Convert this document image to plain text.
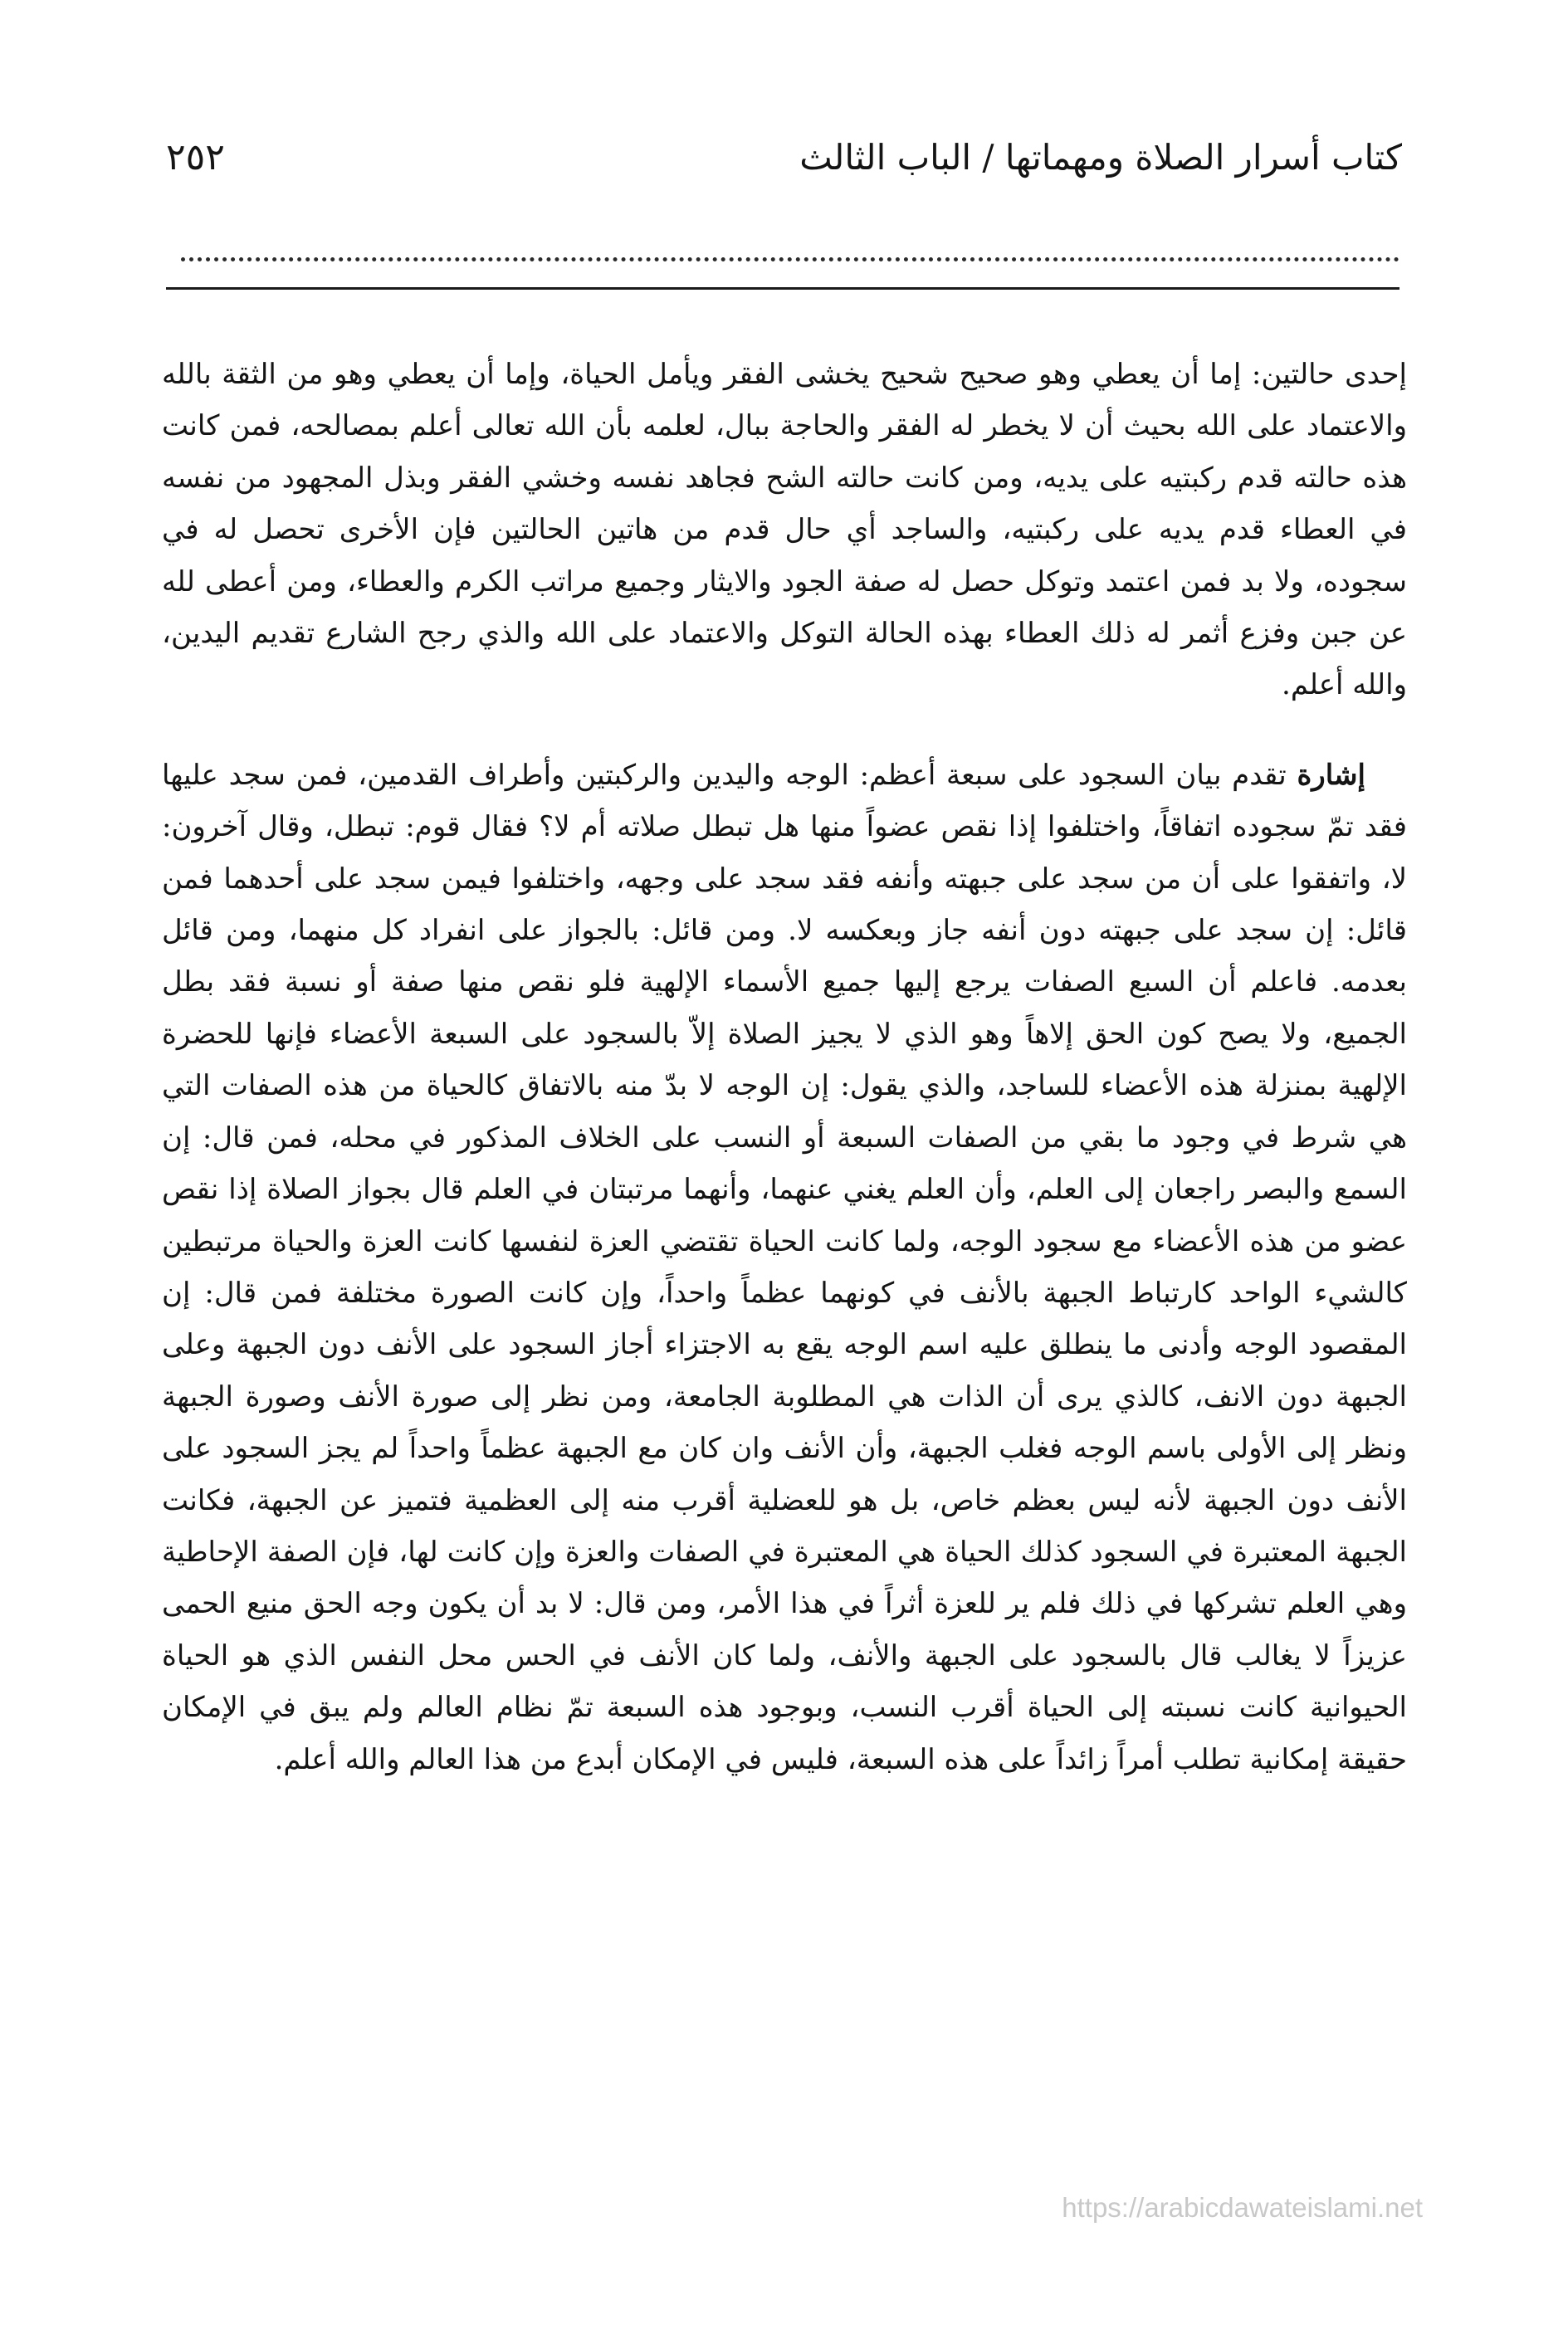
كتاب أسرار الصلاة ومهماتها / الباب الثالث
٢٥٢

إحدى حالتين: إما أن يعطي وهو صحيح شحيح يخشى الفقر ويأمل الحياة، وإما أن يعطي وهو من الثقة بالله والاعتماد على الله بحيث أن لا يخطر له الفقر والحاجة ببال، لعلمه بأن الله تعالى أعلم بمصالحه، فمن كانت هذه حالته قدم ركبتيه على يديه، ومن كانت حالته الشح فجاهد نفسه وخشي الفقر وبذل المجهود من نفسه في العطاء قدم يديه على ركبتيه، والساجد أي حال قدم من هاتين الحالتين فإن الأخرى تحصل له في سجوده، ولا بد فمن اعتمد وتوكل حصل له صفة الجود والايثار وجميع مراتب الكرم والعطاء، ومن أعطى لله عن جبن وفزع أثمر له ذلك العطاء بهذه الحالة التوكل والاعتماد على الله والذي رجح الشارع تقديم اليدين، والله أعلم.

إشارة تقدم بيان السجود على سبعة أعظم: الوجه واليدين والركبتين وأطراف القدمين، فمن سجد عليها فقد تمّ سجوده اتفاقاً، واختلفوا إذا نقص عضواً منها هل تبطل صلاته أم لا؟ فقال قوم: تبطل، وقال آخرون: لا، واتفقوا على أن من سجد على جبهته وأنفه فقد سجد على وجهه، واختلفوا فيمن سجد على أحدهما فمن قائل: إن سجد على جبهته دون أنفه جاز وبعكسه لا. ومن قائل: بالجواز على انفراد كل منهما، ومن قائل بعدمه. فاعلم أن السبع الصفات يرجع إليها جميع الأسماء الإلهية فلو نقص منها صفة أو نسبة فقد بطل الجميع، ولا يصح كون الحق إلاهاً وهو الذي لا يجيز الصلاة إلاّ بالسجود على السبعة الأعضاء فإنها للحضرة الإلهية بمنزلة هذه الأعضاء للساجد، والذي يقول: إن الوجه لا بدّ منه بالاتفاق كالحياة من هذه الصفات التي هي شرط في وجود ما بقي من الصفات السبعة أو النسب على الخلاف المذكور في محله، فمن قال: إن السمع والبصر راجعان إلى العلم، وأن العلم يغني عنهما، وأنهما مرتبتان في العلم قال بجواز الصلاة إذا نقص عضو من هذه الأعضاء مع سجود الوجه، ولما كانت الحياة تقتضي العزة لنفسها كانت العزة والحياة مرتبطين كالشيء الواحد كارتباط الجبهة بالأنف في كونهما عظماً واحداً، وإن كانت الصورة مختلفة فمن قال: إن المقصود الوجه وأدنى ما ينطلق عليه اسم الوجه يقع به الاجتزاء أجاز السجود على الأنف دون الجبهة وعلى الجبهة دون الانف، كالذي يرى أن الذات هي المطلوبة الجامعة، ومن نظر إلى صورة الأنف وصورة الجبهة ونظر إلى الأولى باسم الوجه فغلب الجبهة، وأن الأنف وان كان مع الجبهة عظماً واحداً لم يجز السجود على الأنف دون الجبهة لأنه ليس بعظم خاص، بل هو للعضلية أقرب منه إلى العظمية فتميز عن الجبهة، فكانت الجبهة المعتبرة في السجود كذلك الحياة هي المعتبرة في الصفات والعزة وإن كانت لها، فإن الصفة الإحاطية وهي العلم تشركها في ذلك فلم ير للعزة أثراً في هذا الأمر، ومن قال: لا بد أن يكون وجه الحق منيع الحمى عزيزاً لا يغالب قال بالسجود على الجبهة والأنف، ولما كان الأنف في الحس محل النفس الذي هو الحياة الحيوانية كانت نسبته إلى الحياة أقرب النسب، وبوجود هذه السبعة تمّ نظام العالم ولم يبق في الإمكان حقيقة إمكانية تطلب أمراً زائداً على هذه السبعة، فليس في الإمكان أبدع من هذا العالم والله أعلم.

https://arabicdawateislami.net
